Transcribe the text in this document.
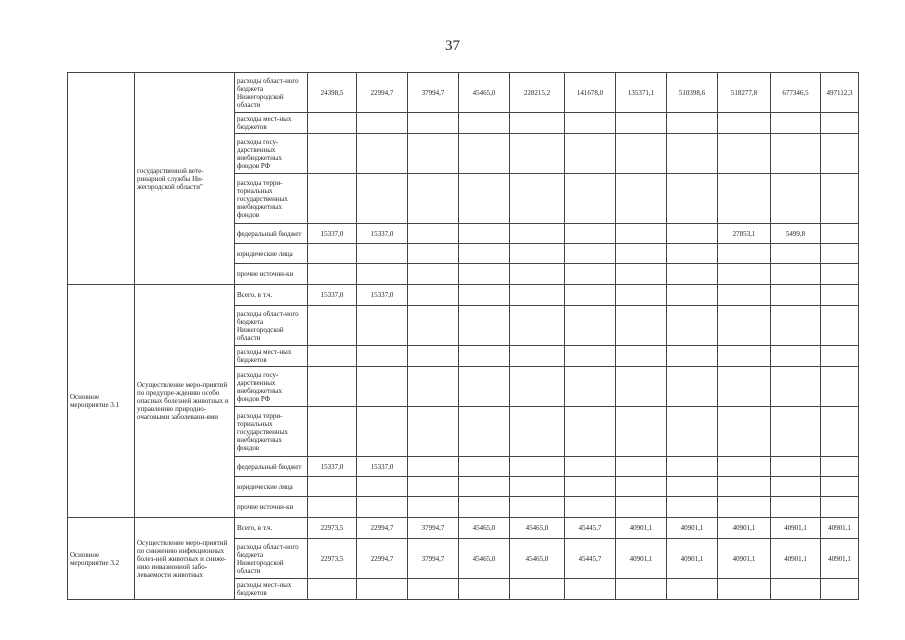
37
	государственной вете-ринарной службы Ни-жегородской области"	расходы област-ного бюджета Нижегородской области	24398,5	22994,7	37994,7	45465,0	228215,2	141678,0	135371,1	510398,6	518277,8	677346,5	497112,3
		расходы мест-ных бюджетов											
		расходы госу-дарственных внебюджетных фондов РФ											
		расходы терри-ториальных государственных внебюджетных фондов											
		федеральный бюджет	15337,0	15337,0							27853,1	5499,8	
		юридические лица											
		прочие источни-ки											
Основное мероприятие 3.1	Осуществление меро-приятий по предупре-ждению особо опасных болезней животных и управлению природно-очаговыми заболевани-ями	Всего, в т.ч.	15337,0	15337,0									
		расходы област-ного бюджета Нижегородской области											
		расходы мест-ных бюджетов											
		расходы госу-дарственных внебюджетных фондов РФ											
		расходы терри-ториальных государственных внебюджетных фондов											
		федеральный бюджет	15337,0	15337,0									
		юридические лица											
		прочие источни-ки											
Основное мероприятие 3.2	Осуществление меро-приятий по снижению инфекционных болез-ней животных и сниже-нию инвазионной забо-леваемости животных	Всего, в т.ч.	22973,5	22994,7	37994,7	45465,0	45465,0	45445,7	40901,1	40901,1	40901,1	40901,1	40901,1
		расходы област-ного бюджета Нижегородской области	22973,5	22994,7	37994,7	45465,0	45465,0	45445,7	40901,1	40901,1	40901,1	40901,1	40901,1
		расходы мест-ных бюджетов											
